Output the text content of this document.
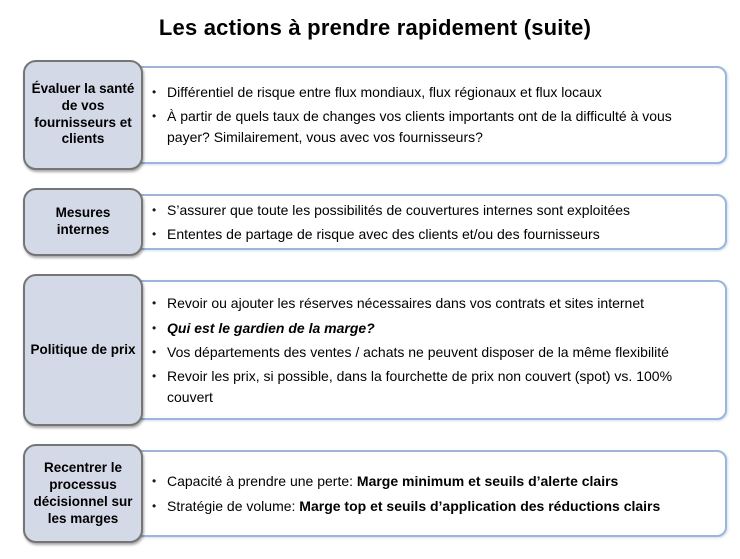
Les actions à prendre rapidement (suite)
Évaluer la santé de vos fournisseurs et clients
• Différentiel de risque entre flux mondiaux, flux régionaux et flux locaux
• À partir de quels taux de changes vos clients importants ont de la difficulté à vous payer? Similairement, vous avec vos fournisseurs?
Mesures internes
• S’assurer que toute les possibilités de couvertures internes sont exploitées
• Ententes de partage de risque avec des clients et/ou des fournisseurs
Politique de prix
• Revoir ou ajouter les réserves nécessaires dans vos contrats et sites internet
• Qui est le gardien de la marge?
• Vos départements des ventes / achats ne peuvent disposer de la même flexibilité
• Revoir les prix, si possible, dans la fourchette de prix non couvert (spot) vs. 100% couvert
Recentrer le processus décisionnel sur les marges
• Capacité à prendre une perte: Marge minimum et seuils d’alerte clairs
• Stratégie de volume: Marge top et seuils d’application des réductions clairs
